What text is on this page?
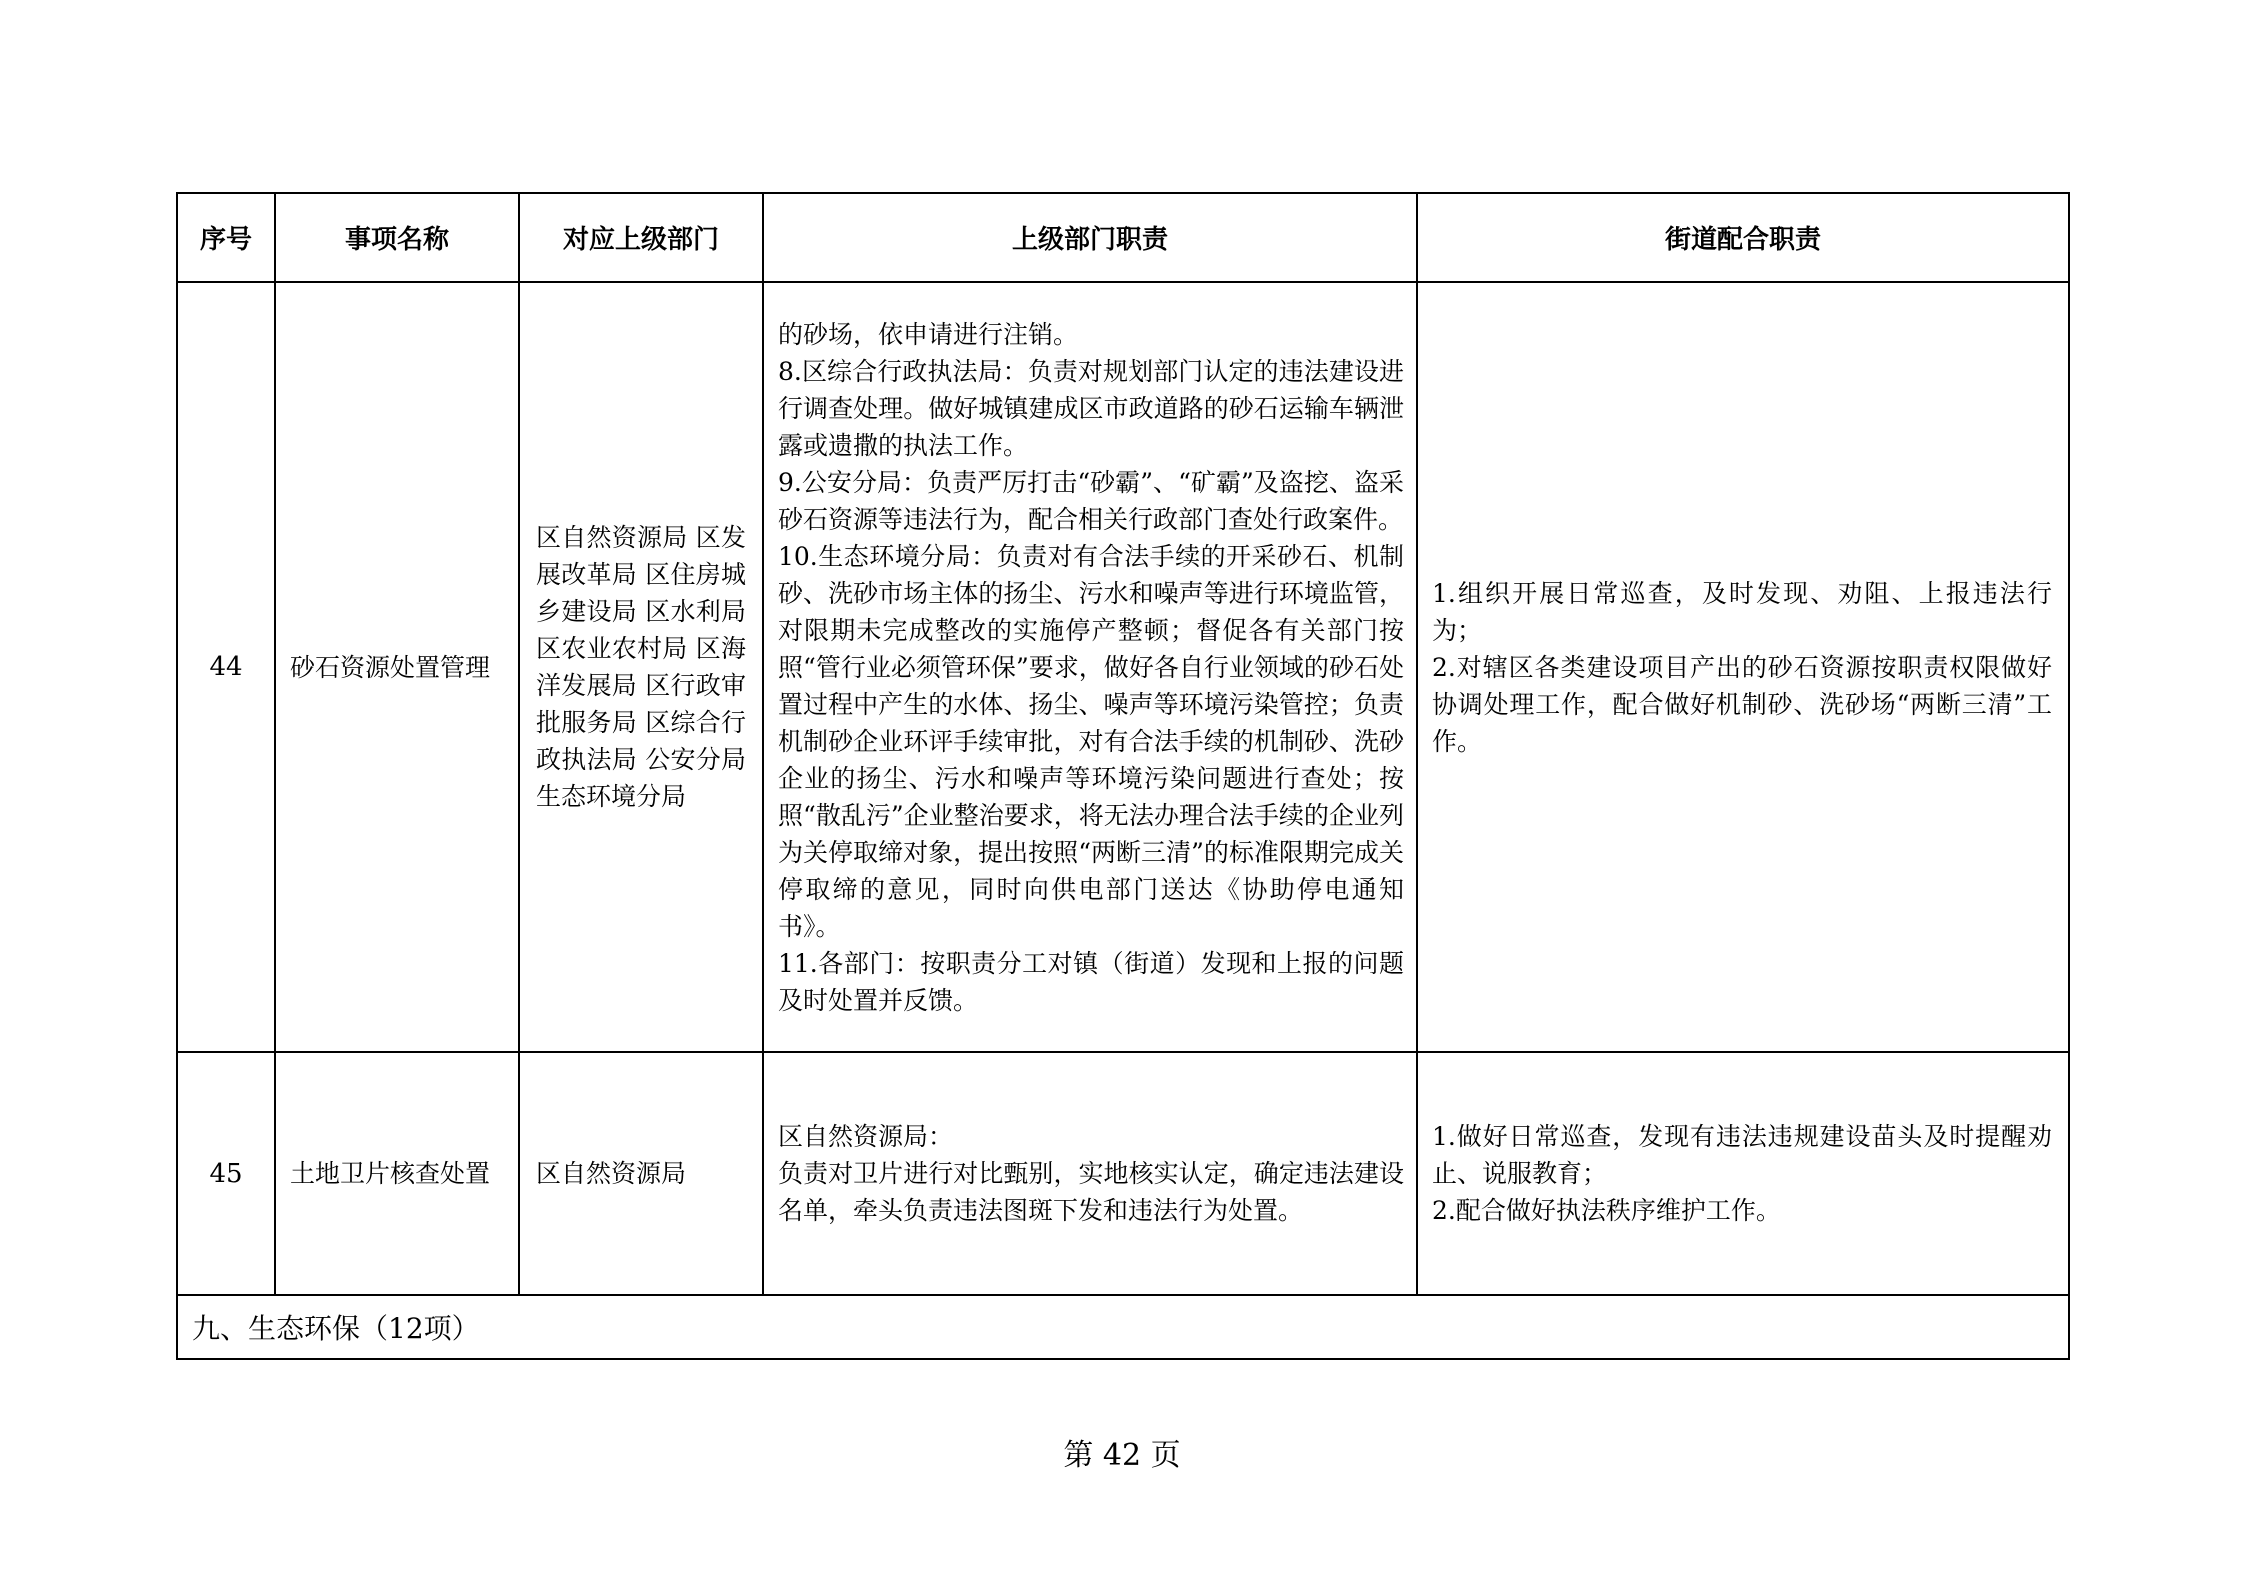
序号	事项名称	对应上级部门	上级部门职责	街道配合职责
44	砂石资源处置管理	区自然资源局 区发展改革局 区住房城乡建设局 区水利局 区农业农村局 区海洋发展局 区行政审批服务局 区综合行政执法局 公安分局 生态环境分局	的砂场，依申请进行注销。
8.区综合行政执法局：负责对规划部门认定的违法建设进行调查处理。做好城镇建成区市政道路的砂石运输车辆泄露或遗撒的执法工作。
9.公安分局：负责严厉打击“砂霸”、“矿霸”及盗挖、盗采砂石资源等违法行为，配合相关行政部门查处行政案件。
10.生态环境分局：负责对有合法手续的开采砂石、机制砂、洗砂市场主体的扬尘、污水和噪声等进行环境监管，对限期未完成整改的实施停产整顿；督促各有关部门按照“管行业必须管环保”要求，做好各自行业领域的砂石处置过程中产生的水体、扬尘、噪声等环境污染管控；负责机制砂企业环评手续审批，对有合法手续的机制砂、洗砂企业的扬尘、污水和噪声等环境污染问题进行查处；按照“散乱污”企业整治要求，将无法办理合法手续的企业列为关停取缔对象，提出按照“两断三清”的标准限期完成关停取缔的意见，同时向供电部门送达《协助停电通知书》。
11.各部门：按职责分工对镇（街道）发现和上报的问题及时处置并反馈。	1.组织开展日常巡查，及时发现、劝阻、上报违法行为；
2.对辖区各类建设项目产出的砂石资源按职责权限做好协调处理工作，配合做好机制砂、洗砂场“两断三清”工作。

45	土地卫片核查处置	区自然资源局	区自然资源局：
负责对卫片进行对比甄别，实地核实认定，确定违法建设名单，牵头负责违法图斑下发和违法行为处置。	1.做好日常巡查，发现有违法违规建设苗头及时提醒劝止、说服教育；
2.配合做好执法秩序维护工作。

九、生态环保（12项）				
第 42 页
